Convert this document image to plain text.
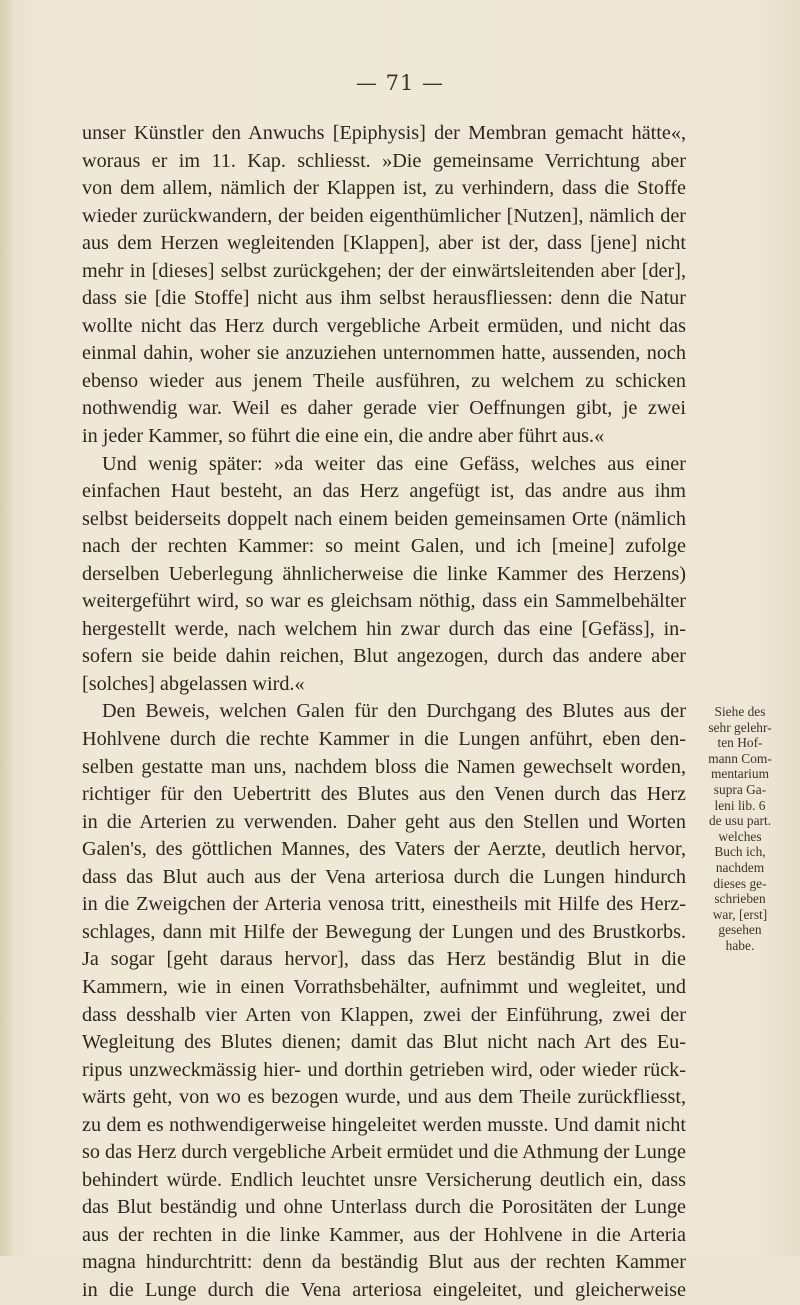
— 71 —
unser Künstler den Anwuchs [Epiphysis] der Membran gemacht hätte«,
woraus er im 11. Kap. schliesst. »Die gemeinsame Verrichtung aber
von dem allem, nämlich der Klappen ist, zu verhindern, dass die Stoffe
wieder zurückwandern, der beiden eigenthümlicher [Nutzen], nämlich der
aus dem Herzen wegleitenden [Klappen], aber ist der, dass [jene] nicht
mehr in [dieses] selbst zurückgehen; der der einwärtsleitenden aber [der],
dass sie [die Stoffe] nicht aus ihm selbst herausfliessen: denn die Natur
wollte nicht das Herz durch vergebliche Arbeit ermüden, und nicht das
einmal dahin, woher sie anzuziehen unternommen hatte, aussenden, noch
ebenso wieder aus jenem Theile ausführen, zu welchem zu schicken
nothwendig war. Weil es daher gerade vier Oeffnungen gibt, je zwei
in jeder Kammer, so führt die eine ein, die andre aber führt aus.«
Und wenig später: »da weiter das eine Gefäss, welches aus einer
einfachen Haut besteht, an das Herz angefügt ist, das andre aus ihm
selbst beiderseits doppelt nach einem beiden gemeinsamen Orte (nämlich
nach der rechten Kammer: so meint Galen, und ich [meine] zufolge
derselben Ueberlegung ähnlicherweise die linke Kammer des Herzens)
weitergeführt wird, so war es gleichsam nöthig, dass ein Sammelbehälter
hergestellt werde, nach welchem hin zwar durch das eine [Gefäss], in-
sofern sie beide dahin reichen, Blut angezogen, durch das andere aber
[solches] abgelassen wird.«
Den Beweis, welchen Galen für den Durchgang des Blutes aus der
Hohlvene durch die rechte Kammer in die Lungen anführt, eben den-
selben gestatte man uns, nachdem bloss die Namen gewechselt worden,
richtiger für den Uebertritt des Blutes aus den Venen durch das Herz
in die Arterien zu verwenden. Daher geht aus den Stellen und Worten
Galen's, des göttlichen Mannes, des Vaters der Aerzte, deutlich hervor,
dass das Blut auch aus der Vena arteriosa durch die Lungen hindurch
in die Zweigchen der Arteria venosa tritt, einestheils mit Hilfe des Herz-
schlages, dann mit Hilfe der Bewegung der Lungen und des Brustkorbs.
Ja sogar [geht daraus hervor], dass das Herz beständig Blut in die
Kammern, wie in einen Vorrathsbehälter, aufnimmt und wegleitet, und
dass desshalb vier Arten von Klappen, zwei der Einführung, zwei der
Wegleitung des Blutes dienen; damit das Blut nicht nach Art des Eu-
ripus unzweckmässig hier- und dorthin getrieben wird, oder wieder rück-
wärts geht, von wo es bezogen wurde, und aus dem Theile zurückfliesst,
zu dem es nothwendigerweise hingeleitet werden musste. Und damit nicht
so das Herz durch vergebliche Arbeit ermüdet und die Athmung der Lunge
behindert würde. Endlich leuchtet unsre Versicherung deutlich ein, dass
das Blut beständig und ohne Unterlass durch die Porositäten der Lunge
aus der rechten in die linke Kammer, aus der Hohlvene in die Arteria
magna hindurchtritt: denn da beständig Blut aus der rechten Kammer
in die Lunge durch die Vena arteriosa eingeleitet, und gleicherweise
Siehe des
sehr gelehr-
ten Hof-
mann Com-
mentarium
supra Ga-
leni lib. 6
de usu part.
welches
Buch ich,
nachdem
dieses ge-
schrieben
war, [erst]
gesehen
habe.
